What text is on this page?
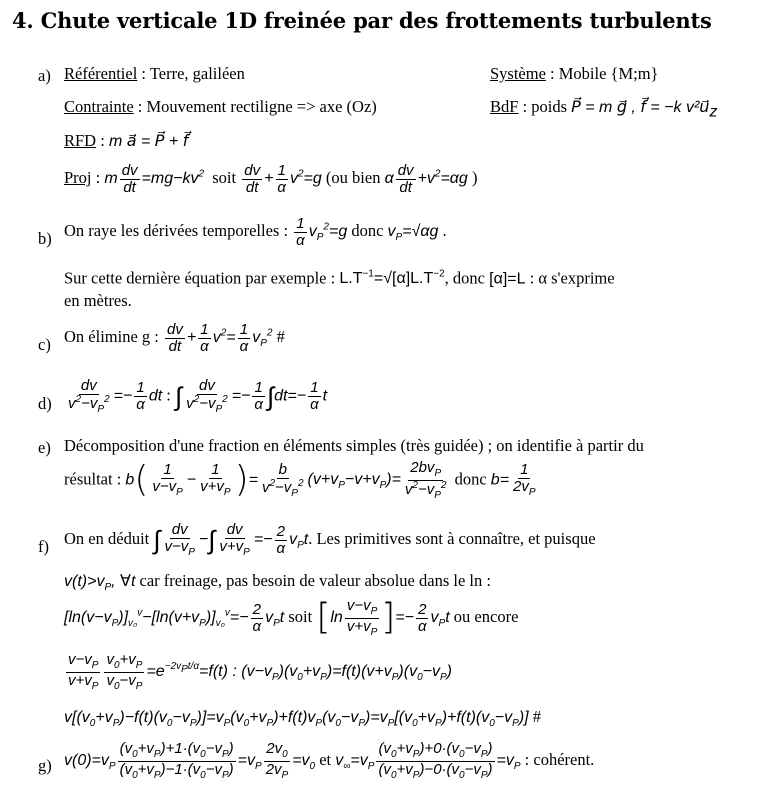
4. Chute verticale 1D freinée par des frottements turbulents
a) Référentiel : Terre, galiléen	Système : Mobile {M;m}
Contrainte : Mouvement rectiligne => axe (Oz)	BdF : poids P⃗ = m g⃗ , f⃗ = −k $v^2u⃗_z$
RFD : m a⃗ = P⃗ + f⃗
Proj : m $\frac{dv}{dt} =mg-kv^2$ soit $\frac{dv}{dt} + \frac{1}{\alpha} v^2=g$ (ou bien α $\frac{dv}{dt} +v^2=\alpha g$ )
b) On raye les dérivées temporelles : $\frac{1}{\alpha} v_P^2=g$ donc $v_P=√\alpha g$ .
Sur cette dernière équation par exemple : $L.T^{-1}=√[\alpha]L.T^{-2}$, donc [α]=L : α s'exprime
en mètres.
c) On élimine g : $\frac{dv}{dt} + \frac{1}{\alpha} v^2= \frac{1}{\alpha} v_P^2$ #
$d) \frac{dv}{v^2-v_P^2} =- \frac{1}{\alpha}$ dt : ∫ $\frac{dv}{v^2-v_P^2} =- \frac{1}{\alpha} \int dt=- \frac{1}{\alpha}$ t
e) Décomposition d'une fraction en éléments simples (très guidée) ; on identifie à partir du
résultat : $b( \frac{1}{v-v_P} - \frac{1}{v+v_P}$ )= $\frac{b}{v^2-v_P^2} (v+v_P-v+v_P)= \frac{2bv_P}{v^2-v_P^2}$ donc $b= \frac{1}{2v_P}$
f) On en déduit ∫ $\frac{dv}{v-v_P}$ −∫ $\frac{dv}{v+v_P} =- \frac{2}{\alpha} v_Pt$. Les primitives sont à connaître, et puisque
$v(t)>v_P$, ∀t car freinage, pas besoin de valeur absolue dans le ln :
$[\ln(v-v_P)]_{v_0}^v-[\ln(v+v_P)]_{v_0}^v=- \frac{2}{\alpha} v_Pt$ soit [$\ln \frac{v-v_P}{v+v_P}$ ]=− $\frac{2}{\alpha} v_Pt$ ou encore
$\frac{v-v_P}{v+v_P} \frac{v_0+v_P}{v_0-v_P} =e^{-2v_Pt/\alpha}=f(t)$ : $(v-v_P)(v_0+v_P)=f(t)(v+v_P)(v_0-v_P)$
$v[(v_0+v_P)-f(t)(v_0-v_P)]=v_P(v_0+v_P)+f(t)v_P(v_0-v_P)=v_P[(v_0+v_P)+f(t)(v_0-v_P)]$ #
g) $v(0)=v_P \frac{(v_0+v_P)+1\cdot(v_0-v_P)}{(v_0+v_P)-1\cdot(v_0-v_P)} =v_P \frac{2v_0}{2v_P} =v_0$ et $v_\infty=v_P \frac{(v_0+v_P)+0\cdot(v_0-v_P)}{(v_0+v_P)-0\cdot(v_0-v_P)} =v_P$ : cohérent.
